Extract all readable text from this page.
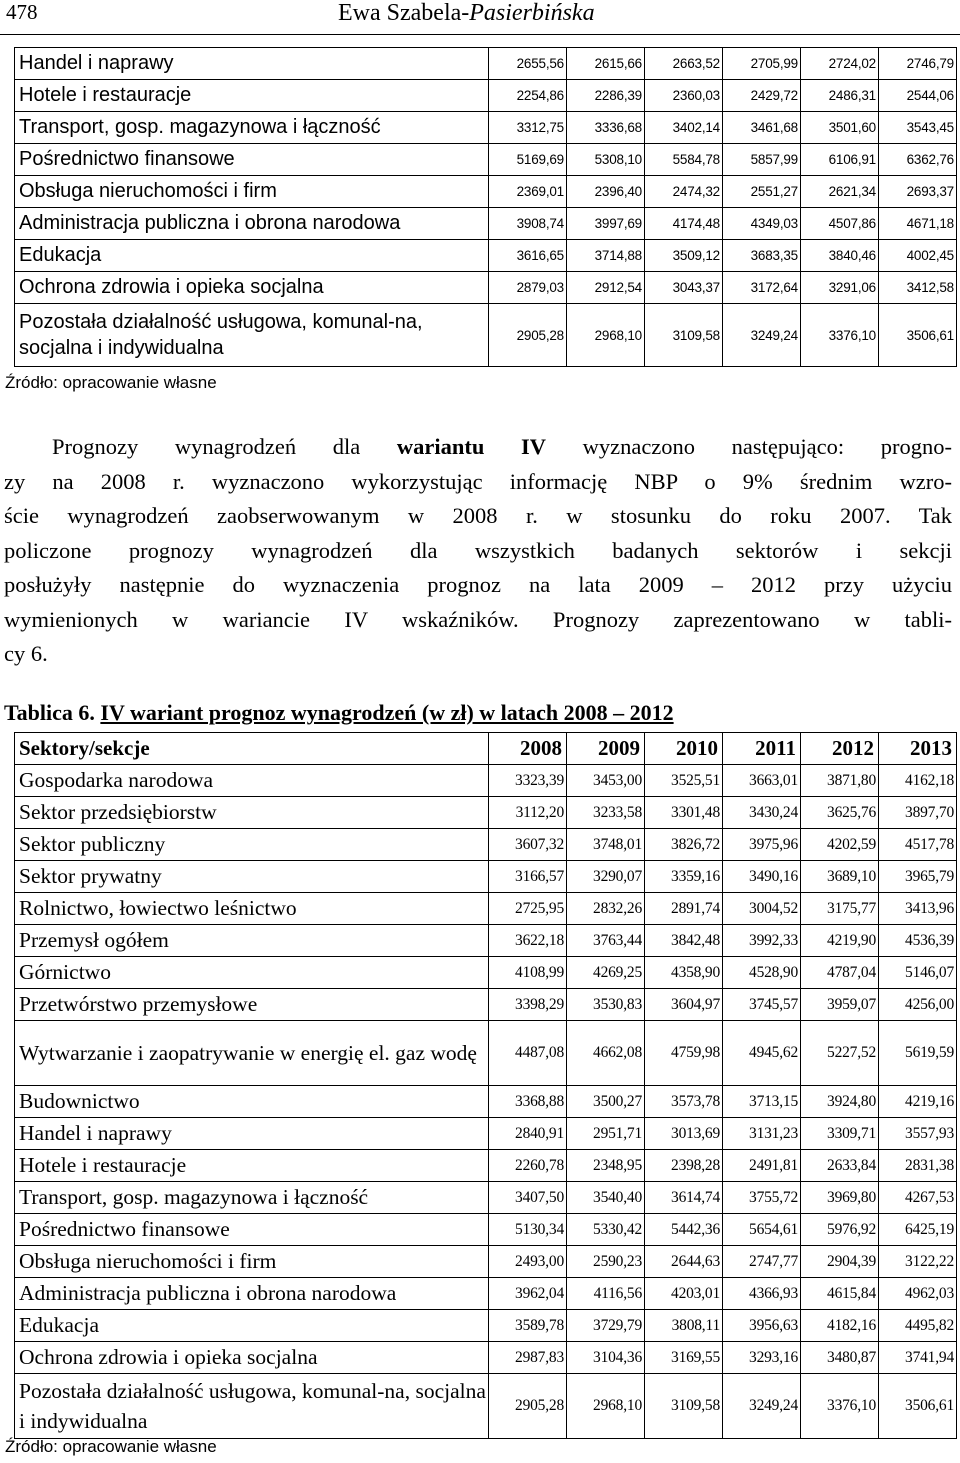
478	Ewa Szabela-Pasierbińska
Handel i naprawy	2655,56	2615,66	2663,52	2705,99	2724,02	2746,79
Hotele i restauracje	2254,86	2286,39	2360,03	2429,72	2486,31	2544,06
Transport, gosp. magazynowa i łączność	3312,75	3336,68	3402,14	3461,68	3501,60	3543,45
Pośrednictwo finansowe	5169,69	5308,10	5584,78	5857,99	6106,91	6362,76
Obsługa nieruchomości i firm	2369,01	2396,40	2474,32	2551,27	2621,34	2693,37
Administracja publiczna i obrona narodowa	3908,74	3997,69	4174,48	4349,03	4507,86	4671,18
Edukacja	3616,65	3714,88	3509,12	3683,35	3840,46	4002,45
Ochrona zdrowia i opieka socjalna	2879,03	2912,54	3043,37	3172,64	3291,06	3412,58
Pozostała działalność usługowa, komunal-na, socjalna i indywidualna	2905,28	2968,10	3109,58	3249,24	3376,10	3506,61
Źródło: opracowanie własne
Prognozy wynagrodzeń dla wariantu IV wyznaczono następująco: progno-
zy na 2008 r. wyznaczono wykorzystując informację NBP o 9% średnim wzro-
ście wynagrodzeń zaobserwowanym w 2008 r. w stosunku do roku 2007. Tak
policzone prognozy wynagrodzeń dla wszystkich badanych sektorów i sekcji
posłużyły następnie do wyznaczenia prognoz na lata 2009 – 2012 przy użyciu
wymienionych w wariancie IV wskaźników. Prognozy zaprezentowano w tabli-
cy 6.
Tablica 6. IV wariant prognoz wynagrodzeń (w zł) w latach 2008 – 2012
Sektory/sekcje	2008	2009	2010	2011	2012	2013
Gospodarka narodowa	3323,39	3453,00	3525,51	3663,01	3871,80	4162,18
Sektor przedsiębiorstw	3112,20	3233,58	3301,48	3430,24	3625,76	3897,70
Sektor publiczny	3607,32	3748,01	3826,72	3975,96	4202,59	4517,78
Sektor prywatny	3166,57	3290,07	3359,16	3490,16	3689,10	3965,79
Rolnictwo, łowiectwo leśnictwo	2725,95	2832,26	2891,74	3004,52	3175,77	3413,96
Przemysł ogółem	3622,18	3763,44	3842,48	3992,33	4219,90	4536,39
Górnictwo	4108,99	4269,25	4358,90	4528,90	4787,04	5146,07
Przetwórstwo przemysłowe	3398,29	3530,83	3604,97	3745,57	3959,07	4256,00
Wytwarzanie i zaopatrywanie w energię el. gaz wodę	4487,08	4662,08	4759,98	4945,62	5227,52	5619,59
Budownictwo	3368,88	3500,27	3573,78	3713,15	3924,80	4219,16
Handel i naprawy	2840,91	2951,71	3013,69	3131,23	3309,71	3557,93
Hotele i restauracje	2260,78	2348,95	2398,28	2491,81	2633,84	2831,38
Transport, gosp. magazynowa i łączność	3407,50	3540,40	3614,74	3755,72	3969,80	4267,53
Pośrednictwo finansowe	5130,34	5330,42	5442,36	5654,61	5976,92	6425,19
Obsługa nieruchomości i firm	2493,00	2590,23	2644,63	2747,77	2904,39	3122,22
Administracja publiczna i obrona narodowa	3962,04	4116,56	4203,01	4366,93	4615,84	4962,03
Edukacja	3589,78	3729,79	3808,11	3956,63	4182,16	4495,82
Ochrona zdrowia i opieka socjalna	2987,83	3104,36	3169,55	3293,16	3480,87	3741,94
Pozostała działalność usługowa, komunal-na, socjalna i indywidualna	2905,28	2968,10	3109,58	3249,24	3376,10	3506,61
Źródło: opracowanie własne
